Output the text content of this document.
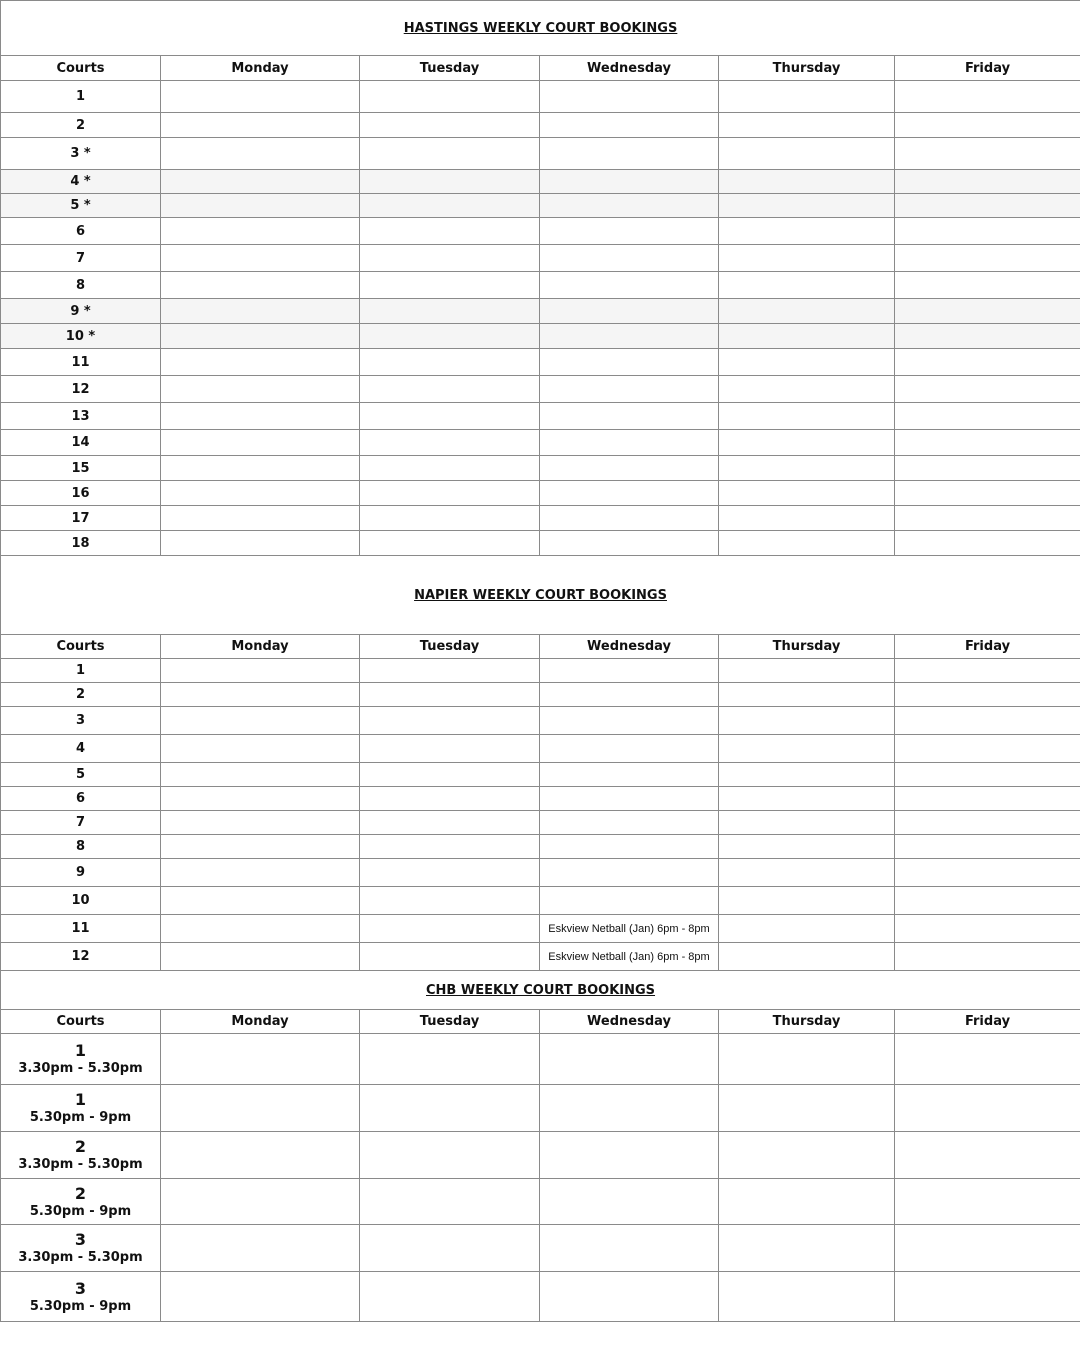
HASTINGS WEEKLY COURT BOOKINGS					
Courts	Monday	Tuesday	Wednesday	Thursday	Friday
1					
2					
3 *					
4 *					
5 *					
6					
7					
8					
9 *					
10 *					
11					
12					
13					
14					
15					
16					
17					
18					
NAPIER WEEKLY COURT BOOKINGS					
Courts	Monday	Tuesday	Wednesday	Thursday	Friday
1					
2					
3					
4					
5					
6					
7					
8					
9					
10					
11			Eskview Netball (Jan) 6pm - 8pm		
12			Eskview Netball (Jan) 6pm - 8pm		
CHB WEEKLY COURT BOOKINGS					
Courts	Monday	Tuesday	Wednesday	Thursday	Friday

1
3.30pm - 5.30pm					

1
5.30pm - 9pm					

2
3.30pm - 5.30pm					

2
5.30pm - 9pm					

3
3.30pm - 5.30pm					

3
5.30pm - 9pm					
